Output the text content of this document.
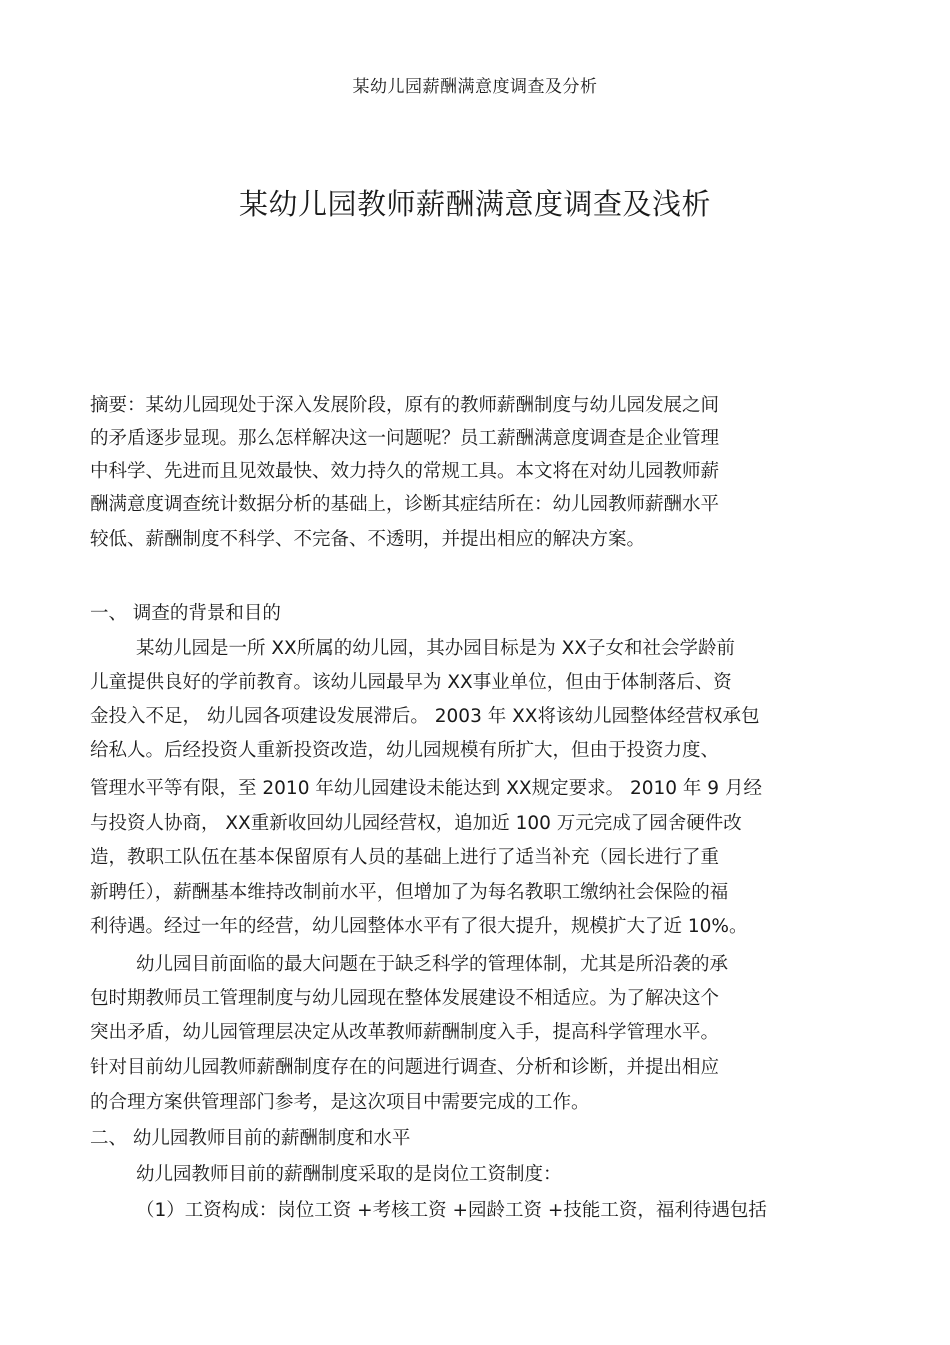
某幼儿园薪酬满意度调查及分析
某幼儿园教师薪酬满意度调查及浅析
摘要：某幼儿园现处于深入发展阶段，原有的教师薪酬制度与幼儿园发展之间
的矛盾逐步显现。那么怎样解决这一问题呢？员工薪酬满意度调查是企业管理
中科学、先进而且见效最快、效力持久的常规工具。本文将在对幼儿园教师薪
酬满意度调查统计数据分析的基础上，诊断其症结所在：幼儿园教师薪酬水平
较低、薪酬制度不科学、不完备、不透明，并提出相应的解决方案。
一、 调查的背景和目的
某幼儿园是一所 XX所属的幼儿园，其办园目标是为 XX子女和社会学龄前
儿童提供良好的学前教育。该幼儿园最早为 XX事业单位，但由于体制落后、资
金投入不足， 幼儿园各项建设发展滞后。 2003 年 XX将该幼儿园整体经营权承包
给私人。后经投资人重新投资改造，幼儿园规模有所扩大，但由于投资力度、
管理水平等有限，至 2010 年幼儿园建设未能达到 XX规定要求。 2010 年 9 月经
与投资人协商， XX重新收回幼儿园经营权，追加近 100 万元完成了园舍硬件改
造，教职工队伍在基本保留原有人员的基础上进行了适当补充（园长进行了重
新聘任），薪酬基本维持改制前水平，但增加了为每名教职工缴纳社会保险的福
利待遇。经过一年的经营，幼儿园整体水平有了很大提升，规模扩大了近 10%。
幼儿园目前面临的最大问题在于缺乏科学的管理体制，尤其是所沿袭的承
包时期教师员工管理制度与幼儿园现在整体发展建设不相适应。为了解决这个
突出矛盾，幼儿园管理层决定从改革教师薪酬制度入手，提高科学管理水平。
针对目前幼儿园教师薪酬制度存在的问题进行调查、分析和诊断，并提出相应
的合理方案供管理部门参考，是这次项目中需要完成的工作。
二、 幼儿园教师目前的薪酬制度和水平
幼儿园教师目前的薪酬制度采取的是岗位工资制度：
（1）工资构成：岗位工资 +考核工资 +园龄工资 +技能工资，福利待遇包括
